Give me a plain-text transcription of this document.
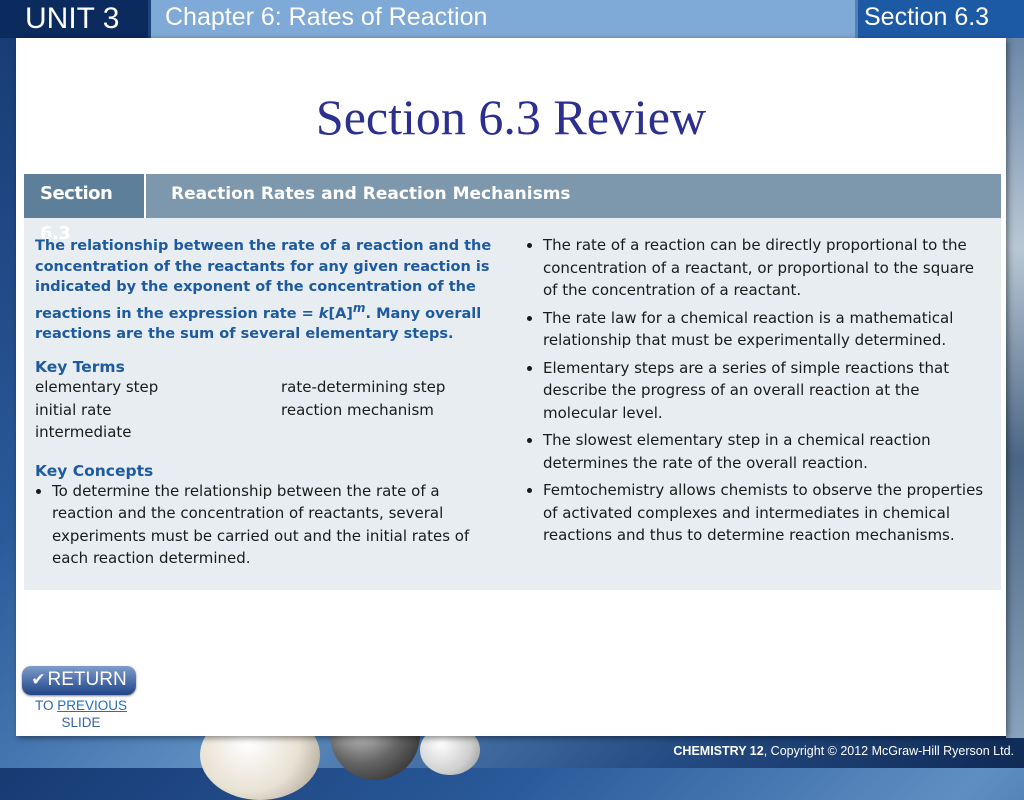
UNIT 3	Chapter 6: Rates of Reaction	Section 6.3
Section 6.3 Review
Section 6.3
Reaction Rates and Reaction Mechanisms

The relationship between the rate of a reaction and the concentration of the reactants for any given reaction is indicated by the exponent of the concentration of the reactions in the expression rate = $k[A]^m$. Many overall reactions are the sum of several elementary steps.

Key Terms
elementary step	rate-determining step
initial rate	reaction mechanism
intermediate
Key Concepts
• To determine the relationship between the rate of a reaction and the concentration of reactants, several experiments must be carried out and the initial rates of each reaction determined.
• The rate of a reaction can be directly proportional to the concentration of a reactant, or proportional to the square of the concentration of a reactant.
• The rate law for a chemical reaction is a mathematical relationship that must be experimentally determined.
• Elementary steps are a series of simple reactions that describe the progress of an overall reaction at the molecular level.
• The slowest elementary step in a chemical reaction determines the rate of the overall reaction.
• Femtochemistry allows chemists to observe the properties of activated complexes and intermediates in chemical reactions and thus to determine reaction mechanisms.
✔ RETURN
TO PREVIOUS
SLIDE
CHEMISTRY 12, Copyright © 2012 McGraw-Hill Ryerson Ltd.
